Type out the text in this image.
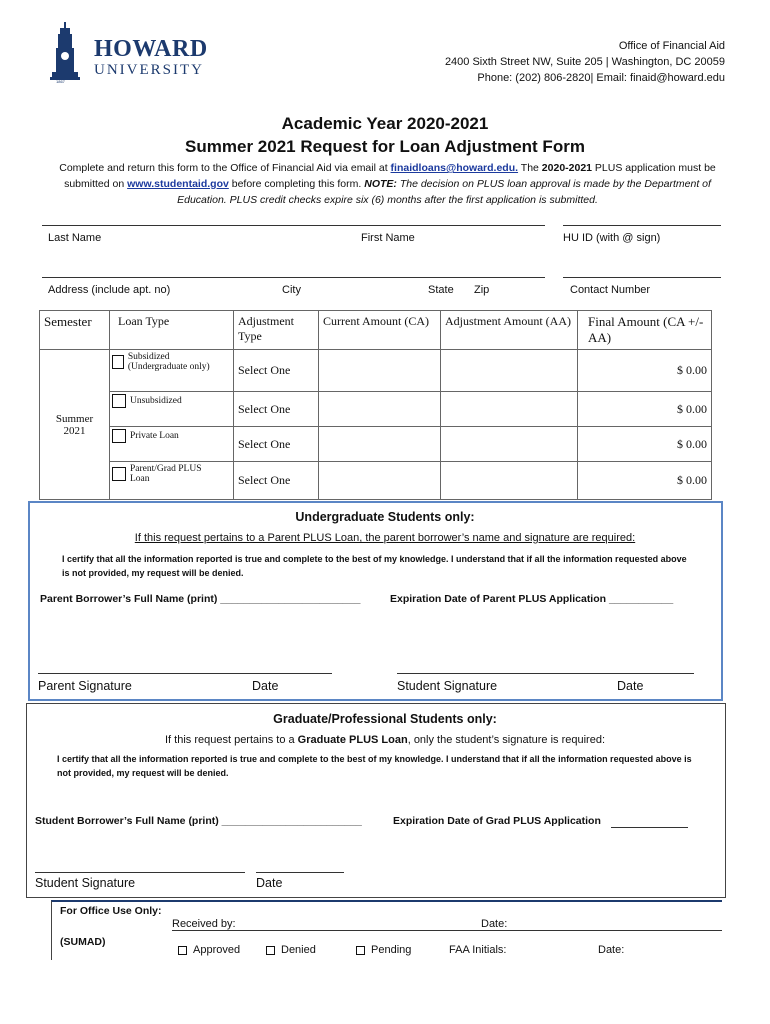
1867
HOWARD
UNIVERSITY
Office of Financial Aid
2400 Sixth Street NW, Suite 205 | Washington, DC 20059
Phone: (202) 806-2820| Email: finaid@howard.edu
Academic Year 2020-2021
Summer 2021 Request for Loan Adjustment Form
Complete and return this form to the Office of Financial Aid via email at finaidloans@howard.edu. The 2020-2021 PLUS application must be submitted on www.studentaid.gov before completing this form. NOTE: The decision on PLUS loan approval is made by the Department of Education. PLUS credit checks expire six (6) months after the first application is submitted.
Last Name	First Name	HU ID (with @ sign)
Address (include apt. no)	City	State Zip	Contact Number
Semester	Loan Type	Adjustment Type	Current Amount (CA)	Adjustment Amount (AA)	Final Amount (CA +/- AA)

Summer 2021	Subsidized (Undergraduate only)	Select One			$ 0.00

	Unsubsidized	Select One			$ 0.00

	Private Loan	Select One			$ 0.00

	Parent/Grad PLUS Loan	Select One			$ 0.00
Undergraduate Students only:
If this request pertains to a Parent PLUS Loan, the parent borrower’s name and signature are required:
I certify that all the information reported is true and complete to the best of my knowledge. I understand that if all the information requested above is not provided, my request will be denied.
Parent Borrower’s Full Name (print) ________________________	Expiration Date of Parent PLUS Application ___________
Parent Signature	Date	Student Signature	Date
Graduate/Professional Students only:
If this request pertains to a Graduate PLUS Loan, only the student’s signature is required:
I certify that all the information reported is true and complete to the best of my knowledge. I understand that if all the information requested above is not provided, my request will be denied.
Student Borrower’s Full Name (print) ________________________	Expiration Date of Grad PLUS Application
Student Signature	Date
For Office Use Only:
(SUMAD)
Received by:	Date:
Approved	Denied	Pending	FAA Initials:	Date:
